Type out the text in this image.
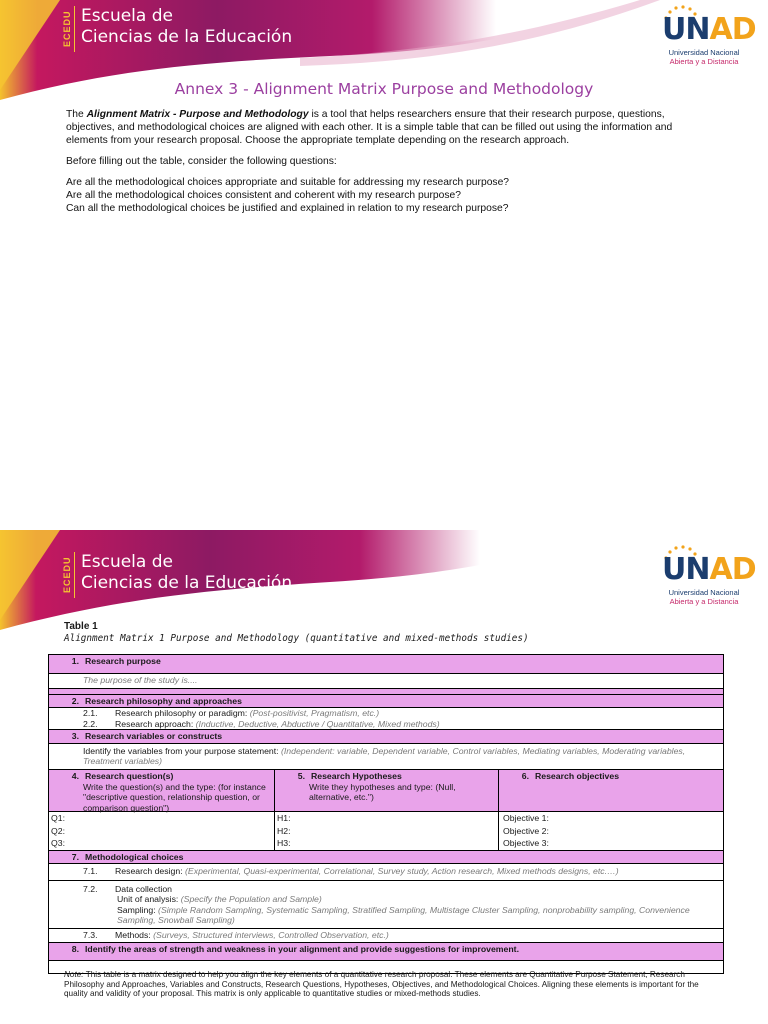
ECEDU Escuela de
Ciencias de la Educación	UNAD
Universidad Nacional
Abierta y a Distancia
Annex 3 - Alignment Matrix Purpose and Methodology

The Alignment Matrix - Purpose and Methodology is a tool that helps researchers ensure that their research purpose, questions, objectives, and methodological choices are aligned with each other. It is a simple table that can be filled out using the information and elements from your research proposal. Choose the appropriate template depending on the research approach.

Before filling out the table, consider the following questions:

Are all the methodological choices appropriate and suitable for addressing my research purpose?

Are all the methodological choices consistent and coherent with my research purpose?

Can all the methodological choices be justified and explained in relation to my research purpose?

ECEDU Escuela de
Ciencias de la Educación	UNAD
Universidad Nacional
Abierta y a Distancia
Table 1
Alignment Matrix 1 Purpose and Methodology (quantitative and mixed-methods studies)
1. Research purpose
The purpose of the study is....
2. Research philosophy and approaches
2.1. Research philosophy or paradigm: (Post-positivist, Pragmatism, etc.)
2.2. Research approach: (Inductive, Deductive, Abductive / Quantitative, Mixed methods)
3. Research variables or constructs
Identify the variables from your purpose statement: (Independent: variable, Dependent variable, Control variables, Mediating variables, Moderating variables, Treatment variables)
4. Research question(s)
Write the question(s) and the type: (for instance "descriptive question, relationship question, or comparison question")
5. Research Hypotheses
Write they hypotheses and type: (Null, alternative, etc.")
6. Research objectives
Q1:
Q2:
Q3:
H1:
H2:
H3:
Objective 1:
Objective 2:
Objective 3:
7. Methodological choices
7.1. Research design: (Experimental, Quasi-experimental, Correlational, Survey study, Action research, Mixed methods designs, etc.…)
7.2. Data collection
Unit of analysis: (Specify the Population and Sample)
Sampling: (Simple Random Sampling, Systematic Sampling, Stratified Sampling, Multistage Cluster Sampling, nonprobability sampling, Convenience Sampling, Snowball Sampling)
7.3. Methods: (Surveys, Structured interviews, Controlled Observation, etc.)
8. Identify the areas of strength and weakness in your alignment and provide suggestions for improvement.
Note: This table is a matrix designed to help you align the key elements of a quantitative research proposal. These elements are Quantitative Purpose Statement, Research Philosophy and Approaches, Variables and Constructs, Research Questions, Hypotheses, Objectives, and Methodological Choices. Aligning these elements is important for the quality and validity of your proposal. This matrix is only applicable to quantitative studies or mixed-methods studies.
